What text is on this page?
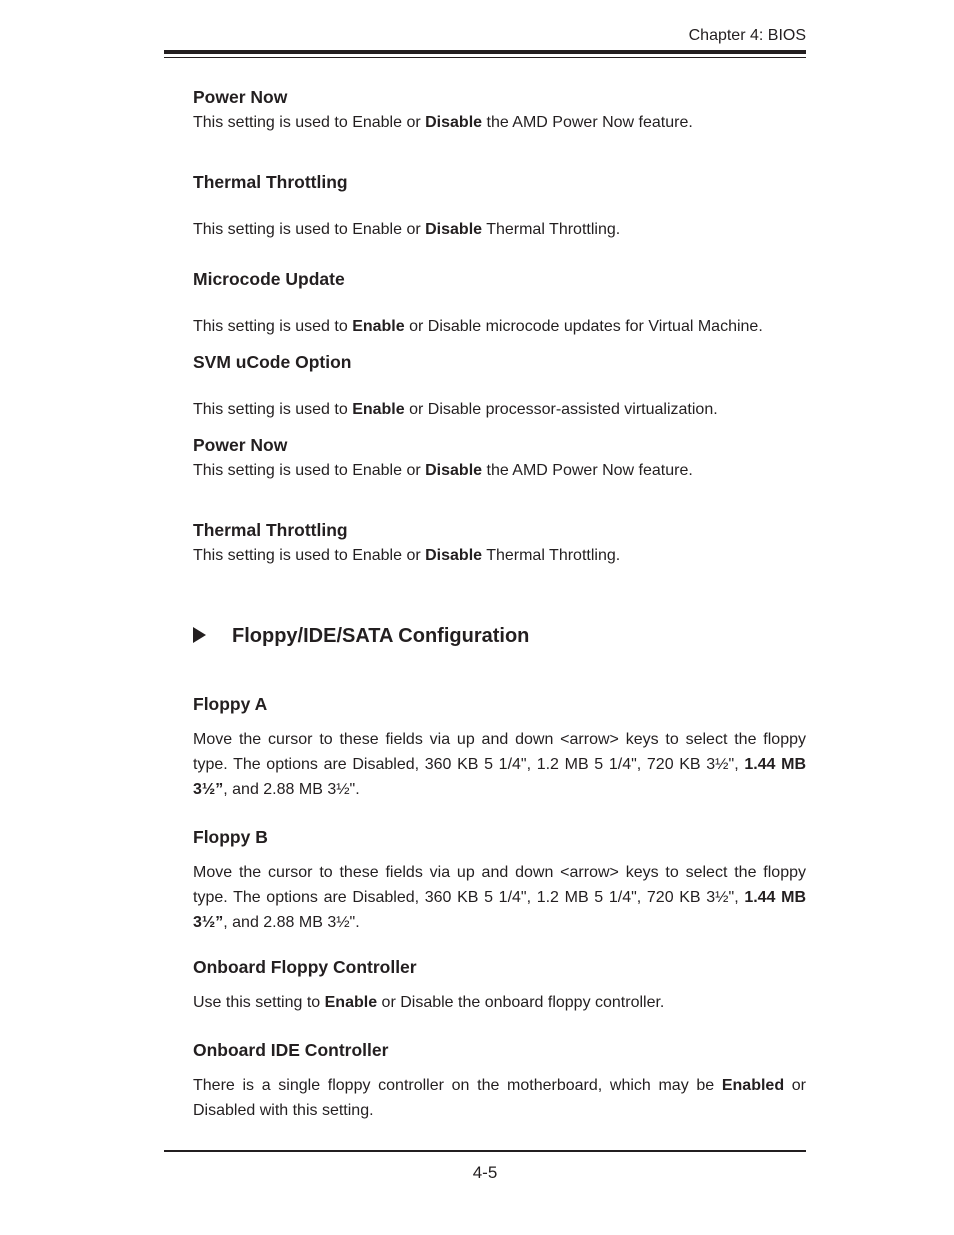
Chapter 4: BIOS

Power Now

This setting is used to Enable or Disable the AMD Power Now feature.

Thermal Throttling

This setting is used to Enable or Disable Thermal Throttling.

Microcode Update

This setting is used to Enable or Disable microcode updates for Virtual Machine.

SVM uCode Option

This setting is used to Enable or Disable processor-assisted virtualization.

Power Now

This setting is used to Enable or Disable the AMD Power Now feature.

Thermal Throttling

This setting is used to Enable or Disable Thermal Throttling.

Floppy/IDE/SATA Configuration

Floppy A

Move the cursor to these fields via up and down <arrow> keys to select the floppy type. The options are Disabled, 360 KB 5 1/4", 1.2 MB 5 1/4", 720 KB 3½", 1.44 MB 3½”, and 2.88 MB 3½".

Floppy B

Move the cursor to these fields via up and down <arrow> keys to select the floppy type. The options are Disabled, 360 KB 5 1/4", 1.2 MB 5 1/4", 720 KB 3½", 1.44 MB 3½”, and 2.88 MB 3½".

Onboard Floppy Controller

Use this setting to Enable or Disable the onboard floppy controller.

Onboard IDE Controller

There is a single floppy controller on the motherboard, which may be Enabled or Disabled with this setting.

4-5
